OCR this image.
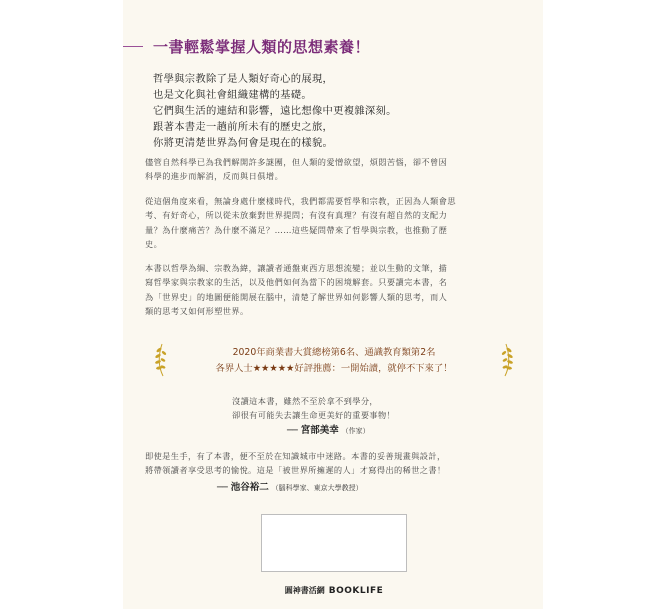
一書輕鬆掌握人類的思想素養！
哲學與宗教除了是人類好奇心的展現，
也是文化與社會組織建構的基礎。
它們與生活的連結和影響，遠比想像中更複雜深刻。
跟著本書走一趟前所未有的歷史之旅，
你將更清楚世界為何會是現在的樣貌。
儘管自然科學已為我們解開許多謎團，但人類的愛憎欲望，煩悶苦惱，卻不曾因
科學的進步而解消，反而與日俱增。
從這個角度來看，無論身處什麼樣時代，我們都需要哲學和宗教，正因為人類會思
考、有好奇心，所以從未放棄對世界提問；有沒有真理？有沒有超自然的支配力
量？為什麼痛苦？為什麼不滿足？……這些疑問帶來了哲學與宗教，也推動了歷
史。
本書以哲學為綱、宗教為緯，讓讀者通盤東西方思想流變；並以生動的文筆，描
寫哲學家與宗教家的生活，以及他們如何為當下的困境解套。只要讀完本書，名
為「世界史」的地圖便能開展在腦中，清楚了解世界如何影響人類的思考，而人
類的思考又如何形塑世界。
2020年商業書大賞總榜第6名、通識教育類第2名
各界人士★★★★★好評推薦：一開始讀，就停不下來了！
沒讀這本書，雖然不至於拿不到學分，
卻很有可能失去讓生命更美好的重要事物！
── 宮部美幸 （作家）
即使是生手，有了本書，便不至於在知識城市中迷路。本書的妥善規畫與設計，
將帶領讀者享受思考的愉悅。這是「被世界所擁遲的人」才寫得出的稀世之書！
── 池谷裕二 （腦科學家、東京大學教授）
圓神書活網 BOOKLIFE
